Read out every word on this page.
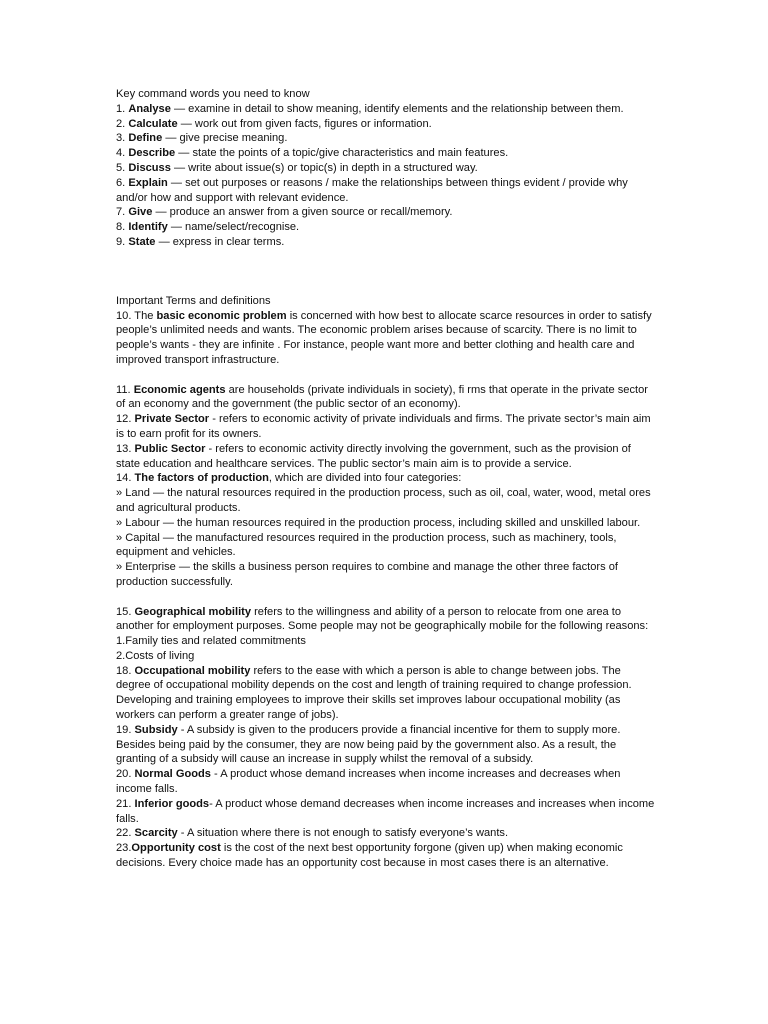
Key command words you need to know

1. Analyse — examine in detail to show meaning, identify elements and the relationship between them.

2. Calculate — work out from given facts, figures or information.

3. Define — give precise meaning.

4. Describe — state the points of a topic/give characteristics and main features.

5. Discuss — write about issue(s) or topic(s) in depth in a structured way.

6. Explain — set out purposes or reasons / make the relationships between things evident / provide why and/or how and support with relevant evidence.

7. Give — produce an answer from a given source or recall/memory.

8. Identify — name/select/recognise.

9. State — express in clear terms.

Important Terms and definitions

10. The basic economic problem is concerned with how best to allocate scarce resources in order to satisfy people’s unlimited needs and wants. The economic problem arises because of scarcity. There is no limit to people’s wants - they are infinite . For instance, people want more and better clothing and health care and improved transport infrastructure.

11. Economic agents are households (private individuals in society), fi rms that operate in the private sector of an economy and the government (the public sector of an economy).

12. Private Sector - refers to economic activity of private individuals and firms. The private sector’s main aim is to earn profit for its owners.

13. Public Sector - refers to economic activity directly involving the government, such as the provision of state education and healthcare services. The public sector’s main aim is to provide a service.

14. The factors of production, which are divided into four categories:

» Land — the natural resources required in the production process, such as oil, coal, water, wood, metal ores and agricultural products.

» Labour — the human resources required in the production process, including skilled and unskilled labour.

» Capital — the manufactured resources required in the production process, such as machinery, tools, equipment and vehicles.

» Enterprise — the skills a business person requires to combine and manage the other three factors of production successfully.

15. Geographical mobility refers to the willingness and ability of a person to relocate from one area to another for employment purposes. Some people may not be geographically mobile for the following reasons:

1.Family ties and related commitments

2.Costs of living

18. Occupational mobility refers to the ease with which a person is able to change between jobs. The degree of occupational mobility depends on the cost and length of training required to change profession. Developing and training employees to improve their skills set improves labour occupational mobility (as workers can perform a greater range of jobs).

19. Subsidy - A subsidy is given to the producers provide a financial incentive for them to supply more. Besides being paid by the consumer, they are now being paid by the government also. As a result, the granting of a subsidy will cause an increase in supply whilst the removal of a subsidy.

20. Normal Goods - A product whose demand increases when income increases and decreases when income falls.

21. Inferior goods- A product whose demand decreases when income increases and increases when income falls.

22. Scarcity - A situation where there is not enough to satisfy everyone’s wants.

23.Opportunity cost is the cost of the next best opportunity forgone (given up) when making economic decisions. Every choice made has an opportunity cost because in most cases there is an alternative.
